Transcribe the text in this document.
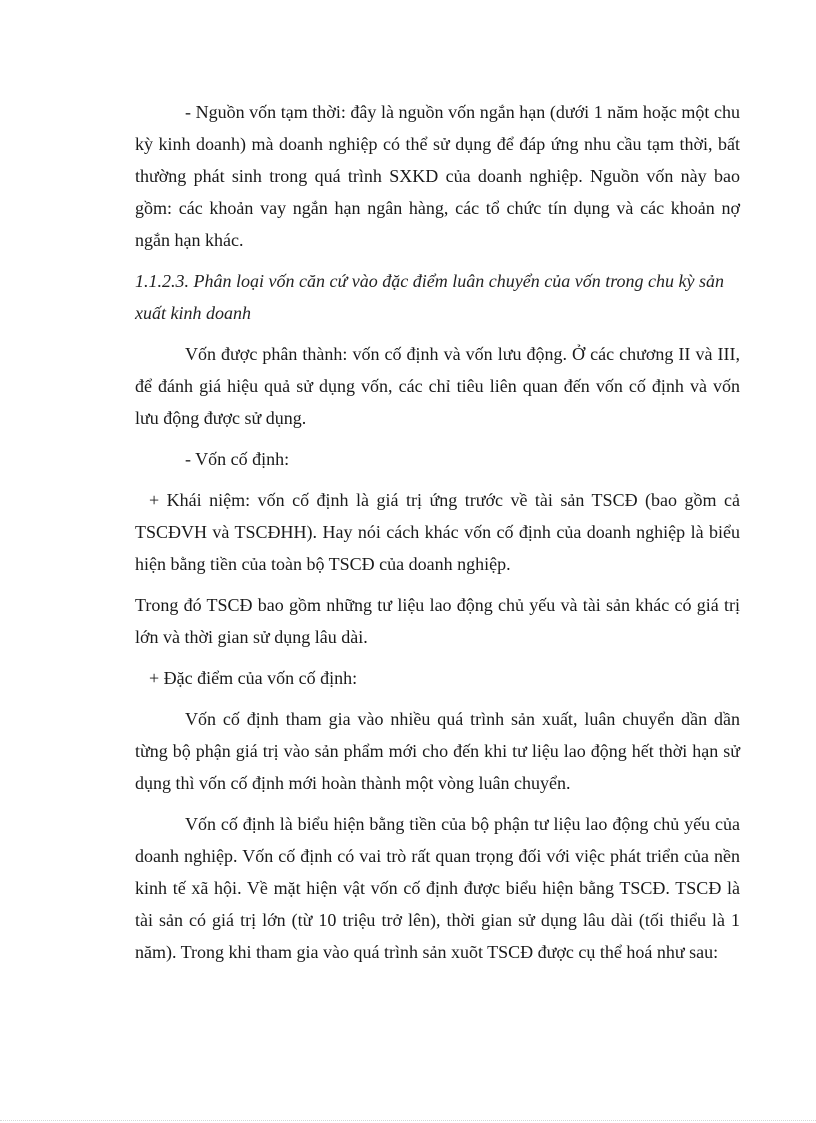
- Nguồn vốn tạm thời: đây là nguồn vốn ngắn hạn (dưới 1 năm hoặc một chu kỳ kinh doanh) mà doanh nghiệp có thể sử dụng để đáp ứng nhu cầu tạm thời, bất thường phát sinh trong quá trình SXKD của doanh nghiệp. Nguồn vốn này bao gồm: các khoản vay ngắn hạn ngân hàng, các tổ chức tín dụng và các khoản nợ ngắn hạn khác.

1.1.2.3. Phân loại vốn căn cứ vào đặc điểm luân chuyển của vốn trong chu kỳ sản xuất kinh doanh

Vốn được phân thành: vốn cố định và vốn lưu động. Ở các chương II và III, để đánh giá hiệu quả sử dụng vốn, các chỉ tiêu liên quan đến vốn cố định và vốn lưu động được sử dụng.

- Vốn cố định:

+ Khái niệm: vốn cố định là giá trị ứng trước về tài sản TSCĐ (bao gồm cả TSCĐVH và TSCĐHH). Hay nói cách khác vốn cố định của doanh nghiệp là biểu hiện bằng tiền của toàn bộ TSCĐ của doanh nghiệp.

Trong đó TSCĐ bao gồm những tư liệu lao động chủ yếu và tài sản khác có giá trị lớn và thời gian sử dụng lâu dài.

+ Đặc điểm của vốn cố định:

Vốn cố định tham gia vào nhiều quá trình sản xuất, luân chuyển dần dần từng bộ phận giá trị vào sản phẩm mới cho đến khi tư liệu lao động hết thời hạn sử dụng thì vốn cố định mới hoàn thành một vòng luân chuyển.

Vốn cố định là biểu hiện bằng tiền của bộ phận tư liệu lao động chủ yếu của doanh nghiệp. Vốn cố định có vai trò rất quan trọng đối với việc phát triển của nền kinh tế xã hội. Về mặt hiện vật vốn cố định được biểu hiện bằng TSCĐ. TSCĐ là tài sản có giá trị lớn (từ 10 triệu trở lên), thời gian sử dụng lâu dài (tối thiểu là 1 năm). Trong khi tham gia vào quá trình sản xuõt TSCĐ được cụ thể hoá như sau:
